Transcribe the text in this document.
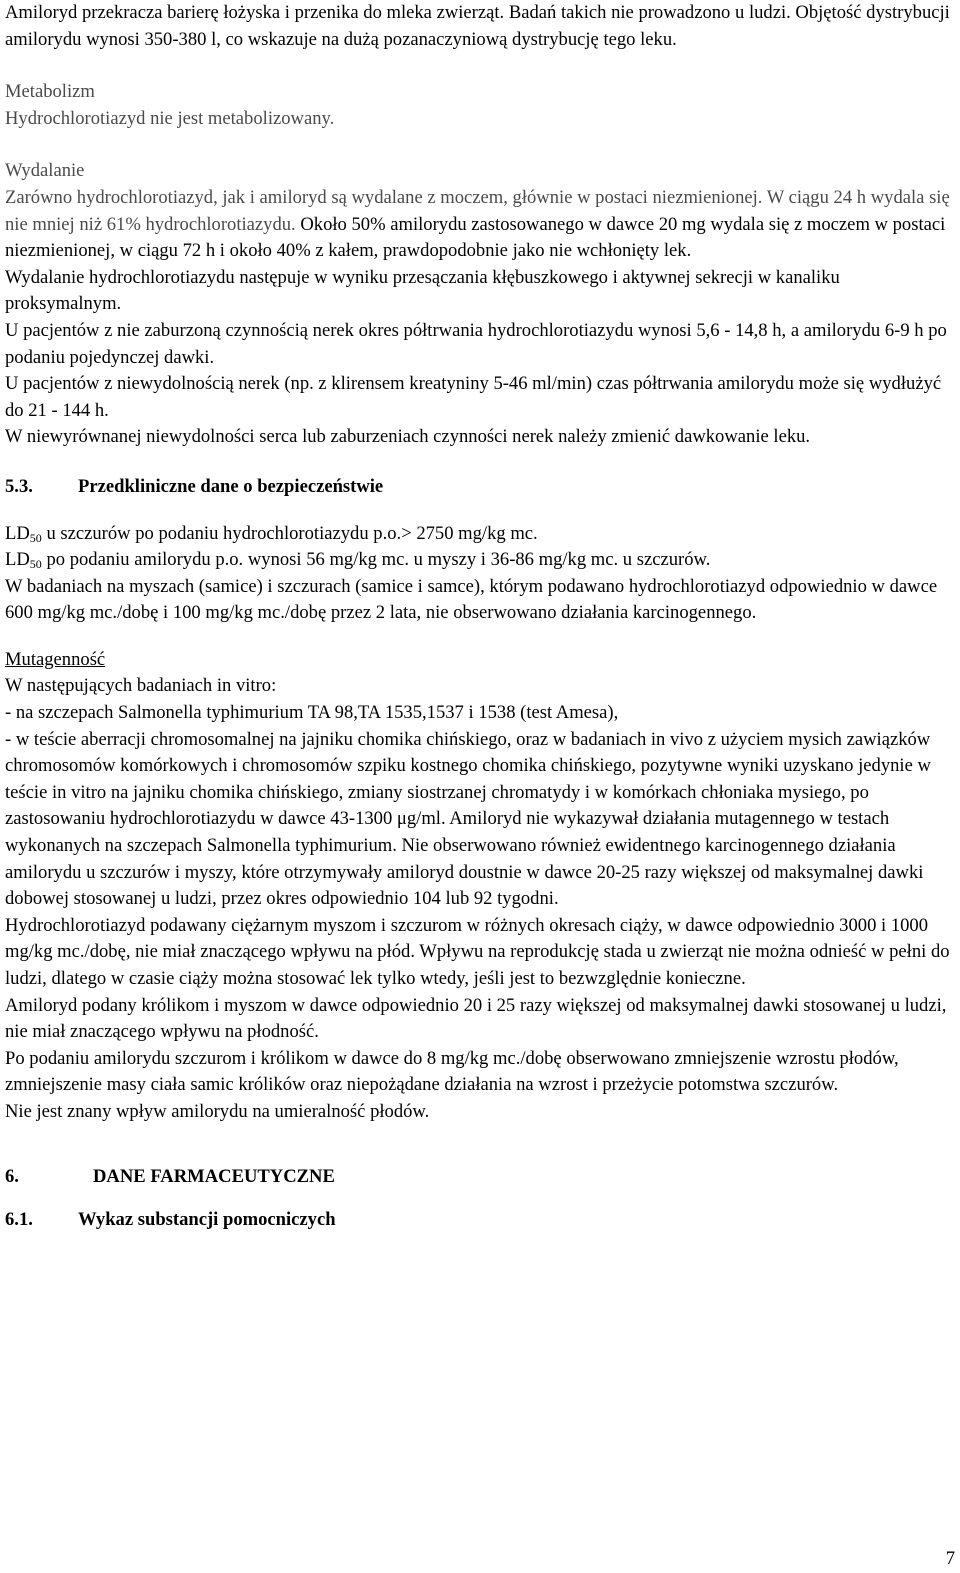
Amiloryd przekracza barierę łożyska i przenika do mleka zwierząt. Badań takich nie prowadzono u ludzi. Objętość dystrybucji amilorydu wynosi 350-380 l, co wskazuje na dużą pozanaczyniową dystrybucję tego leku.

Metabolizm

Hydrochlorotiazyd nie jest metabolizowany.

Wydalanie

Zarówno hydrochlorotiazyd, jak i amiloryd są wydalane z moczem, głównie w postaci niezmienionej. W ciągu 24 h wydala się nie mniej niż 61% hydrochlorotiazydu. Około 50% amilorydu zastosowanego w dawce 20 mg wydala się z moczem w postaci niezmienionej, w ciągu 72 h i około 40% z kałem, prawdopodobnie jako nie wchłonięty lek.

Wydalanie hydrochlorotiazydu następuje w wyniku przesączania kłębuszkowego i aktywnej sekrecji w kanaliku proksymalnym.

U pacjentów z nie zaburzoną czynnością nerek okres półtrwania hydrochlorotiazydu wynosi 5,6 - 14,8 h, a amilorydu 6-9 h po podaniu pojedynczej dawki.

U pacjentów z niewydolnością nerek (np. z klirensem kreatyniny 5-46 ml/min) czas półtrwania amilorydu może się wydłużyć do 21 - 144 h.

W niewyrównanej niewydolności serca lub zaburzeniach czynności nerek należy zmienić dawkowanie leku.

5.3.	Przedkliniczne dane o bezpieczeństwie

$LD_{50}$ u szczurów po podaniu hydrochlorotiazydu p.o.> 2750 mg/kg mc.

$LD_{50}$ po podaniu amilorydu p.o. wynosi 56 mg/kg mc. u myszy i 36-86 mg/kg mc. u szczurów.

W badaniach na myszach (samice) i szczurach (samice i samce), którym podawano hydrochlorotiazyd odpowiednio w dawce 600 mg/kg mc./dobę i 100 mg/kg mc./dobę przez 2 lata, nie obserwowano działania karcinogennego.

Mutagenność

W następujących badaniach in vitro:

- na szczepach Salmonella typhimurium TA 98,TA 1535,1537 i 1538 (test Amesa),

- w teście aberracji chromosomalnej na jajniku chomika chińskiego, oraz w badaniach in vivo z użyciem mysich zawiązków chromosomów komórkowych i chromosomów szpiku kostnego chomika chińskiego, pozytywne wyniki uzyskano jedynie w teście in vitro na jajniku chomika chińskiego, zmiany siostrzanej chromatydy i w komórkach chłoniaka mysiego, po zastosowaniu hydrochlorotiazydu w dawce 43-1300 μg/ml. Amiloryd nie wykazywał działania mutagennego w testach wykonanych na szczepach Salmonella typhimurium. Nie obserwowano również ewidentnego karcinogennego działania amilorydu u szczurów i myszy, które otrzymywały amiloryd doustnie w dawce 20-25 razy większej od maksymalnej dawki dobowej stosowanej u ludzi, przez okres odpowiednio 104 lub 92 tygodni.

Hydrochlorotiazyd podawany ciężarnym myszom i szczurom w różnych okresach ciąży, w dawce odpowiednio 3000 i 1000 mg/kg mc./dobę, nie miał znaczącego wpływu na płód. Wpływu na reprodukcję stada u zwierząt nie można odnieść w pełni do ludzi, dlatego w czasie ciąży można stosować lek tylko wtedy, jeśli jest to bezwzględnie konieczne.

Amiloryd podany królikom i myszom w dawce odpowiednio 20 i 25 razy większej od maksymalnej dawki stosowanej u ludzi, nie miał znaczącego wpływu na płodność.

Po podaniu amilorydu szczurom i królikom w dawce do 8 mg/kg mc./dobę obserwowano zmniejszenie wzrostu płodów, zmniejszenie masy ciała samic królików oraz niepożądane działania na wzrost i przeżycie potomstwa szczurów.

Nie jest znany wpływ amilorydu na umieralność płodów.

6.	DANE FARMACEUTYCZNE

6.1.	Wykaz substancji pomocniczych

7
